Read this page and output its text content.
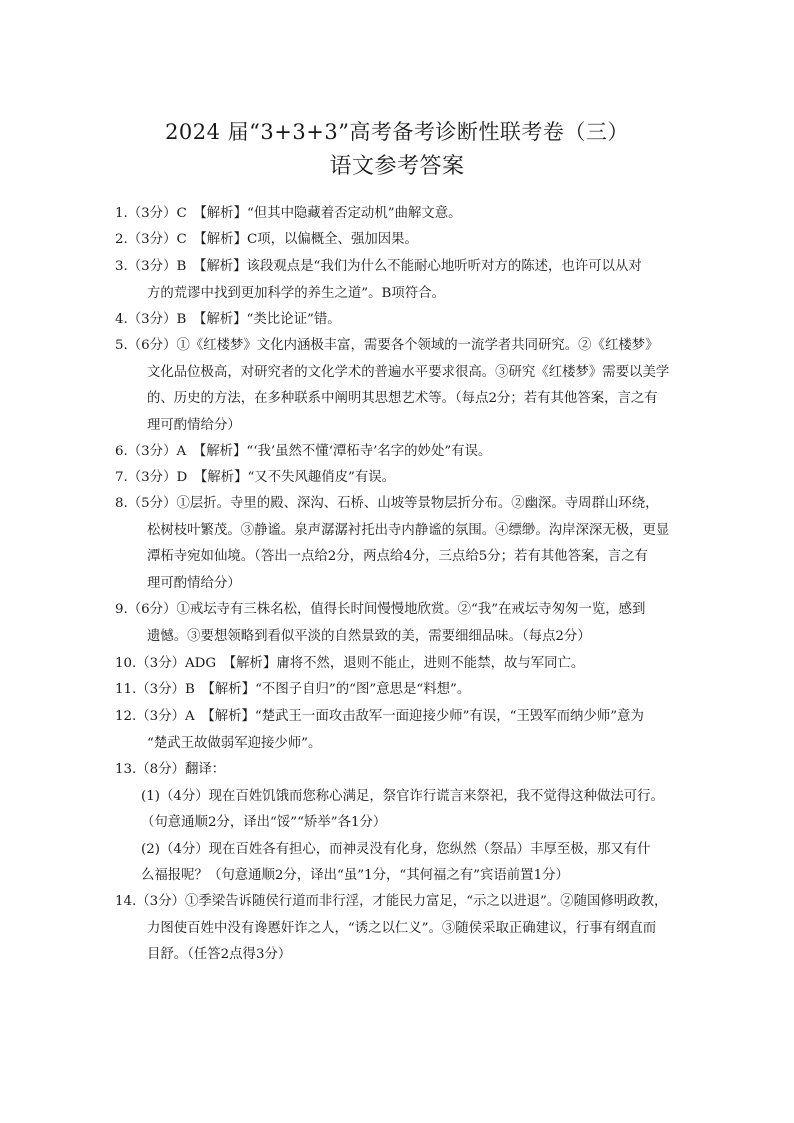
2024 届“3+3+3”高考备考诊断性联考卷（三）
语文参考答案
1.（3分）C　【解析】“但其中隐藏着否定动机”曲解文意。
2.（3分）C　【解析】C项，以偏概全、强加因果。
3.（3分）B　【解析】该段观点是“我们为什么不能耐心地听听对方的陈述，也许可以从对
方的荒谬中找到更加科学的养生之道”。B项符合。
4.（3分）B　【解析】“类比论证”错。
5.（6分）①《红楼梦》文化内涵极丰富，需要各个领域的一流学者共同研究。②《红楼梦》
文化品位极高，对研究者的文化学术的普遍水平要求很高。③研究《红楼梦》需要以美学
的、历史的方法，在多种联系中阐明其思想艺术等。（每点2分；若有其他答案，言之有
理可酌情给分）
6.（3分）A　【解析】“‘我’虽然不懂‘潭柘寺’名字的妙处”有误。
7.（3分）D　【解析】“又不失风趣俏皮”有误。
8.（5分）①层折。寺里的殿、深沟、石桥、山坡等景物层折分布。②幽深。寺周群山环绕，
松树枝叶繁茂。③静谧。泉声潺潺衬托出寺内静谧的氛围。④缥缈。沟岸深深无极，更显
潭柘寺宛如仙境。（答出一点给2分，两点给4分，三点给5分；若有其他答案，言之有
理可酌情给分）
9.（6分）①戒坛寺有三株名松，值得长时间慢慢地欣赏。②“我”在戒坛寺匆匆一览，感到
遗憾。③要想领略到看似平淡的自然景致的美，需要细细品味。（每点2分）
10.（3分）ADG　【解析】庸将不然，退则不能止，进则不能禁，故与军同亡。
11.（3分）B　【解析】“不图子自归”的“图”意思是“料想”。
12.（3分）A　【解析】“楚武王一面攻击敌军一面迎接少师”有误，“王毁军而纳少师”意为
“楚武王故做弱军迎接少师”。
13.（8分）翻译：
(1)（4分）现在百姓饥饿而您称心满足，祭官诈行谎言来祭祀，我不觉得这种做法可行。
（句意通顺2分，译出“馁”“矫举”各1分）
(2)（4分）现在百姓各有担心，而神灵没有化身，您纵然（祭品）丰厚至极，那又有什
么福报呢？（句意通顺2分，译出“虽”1分，“其何福之有”宾语前置1分）
14.（3分）①季梁告诉随侯行道而非行淫，才能民力富足，“示之以进退”。②随国修明政教，
力图使百姓中没有谗慝奸诈之人，“诱之以仁义”。③随侯采取正确建议，行事有纲直而
目舒。（任答2点得3分）
